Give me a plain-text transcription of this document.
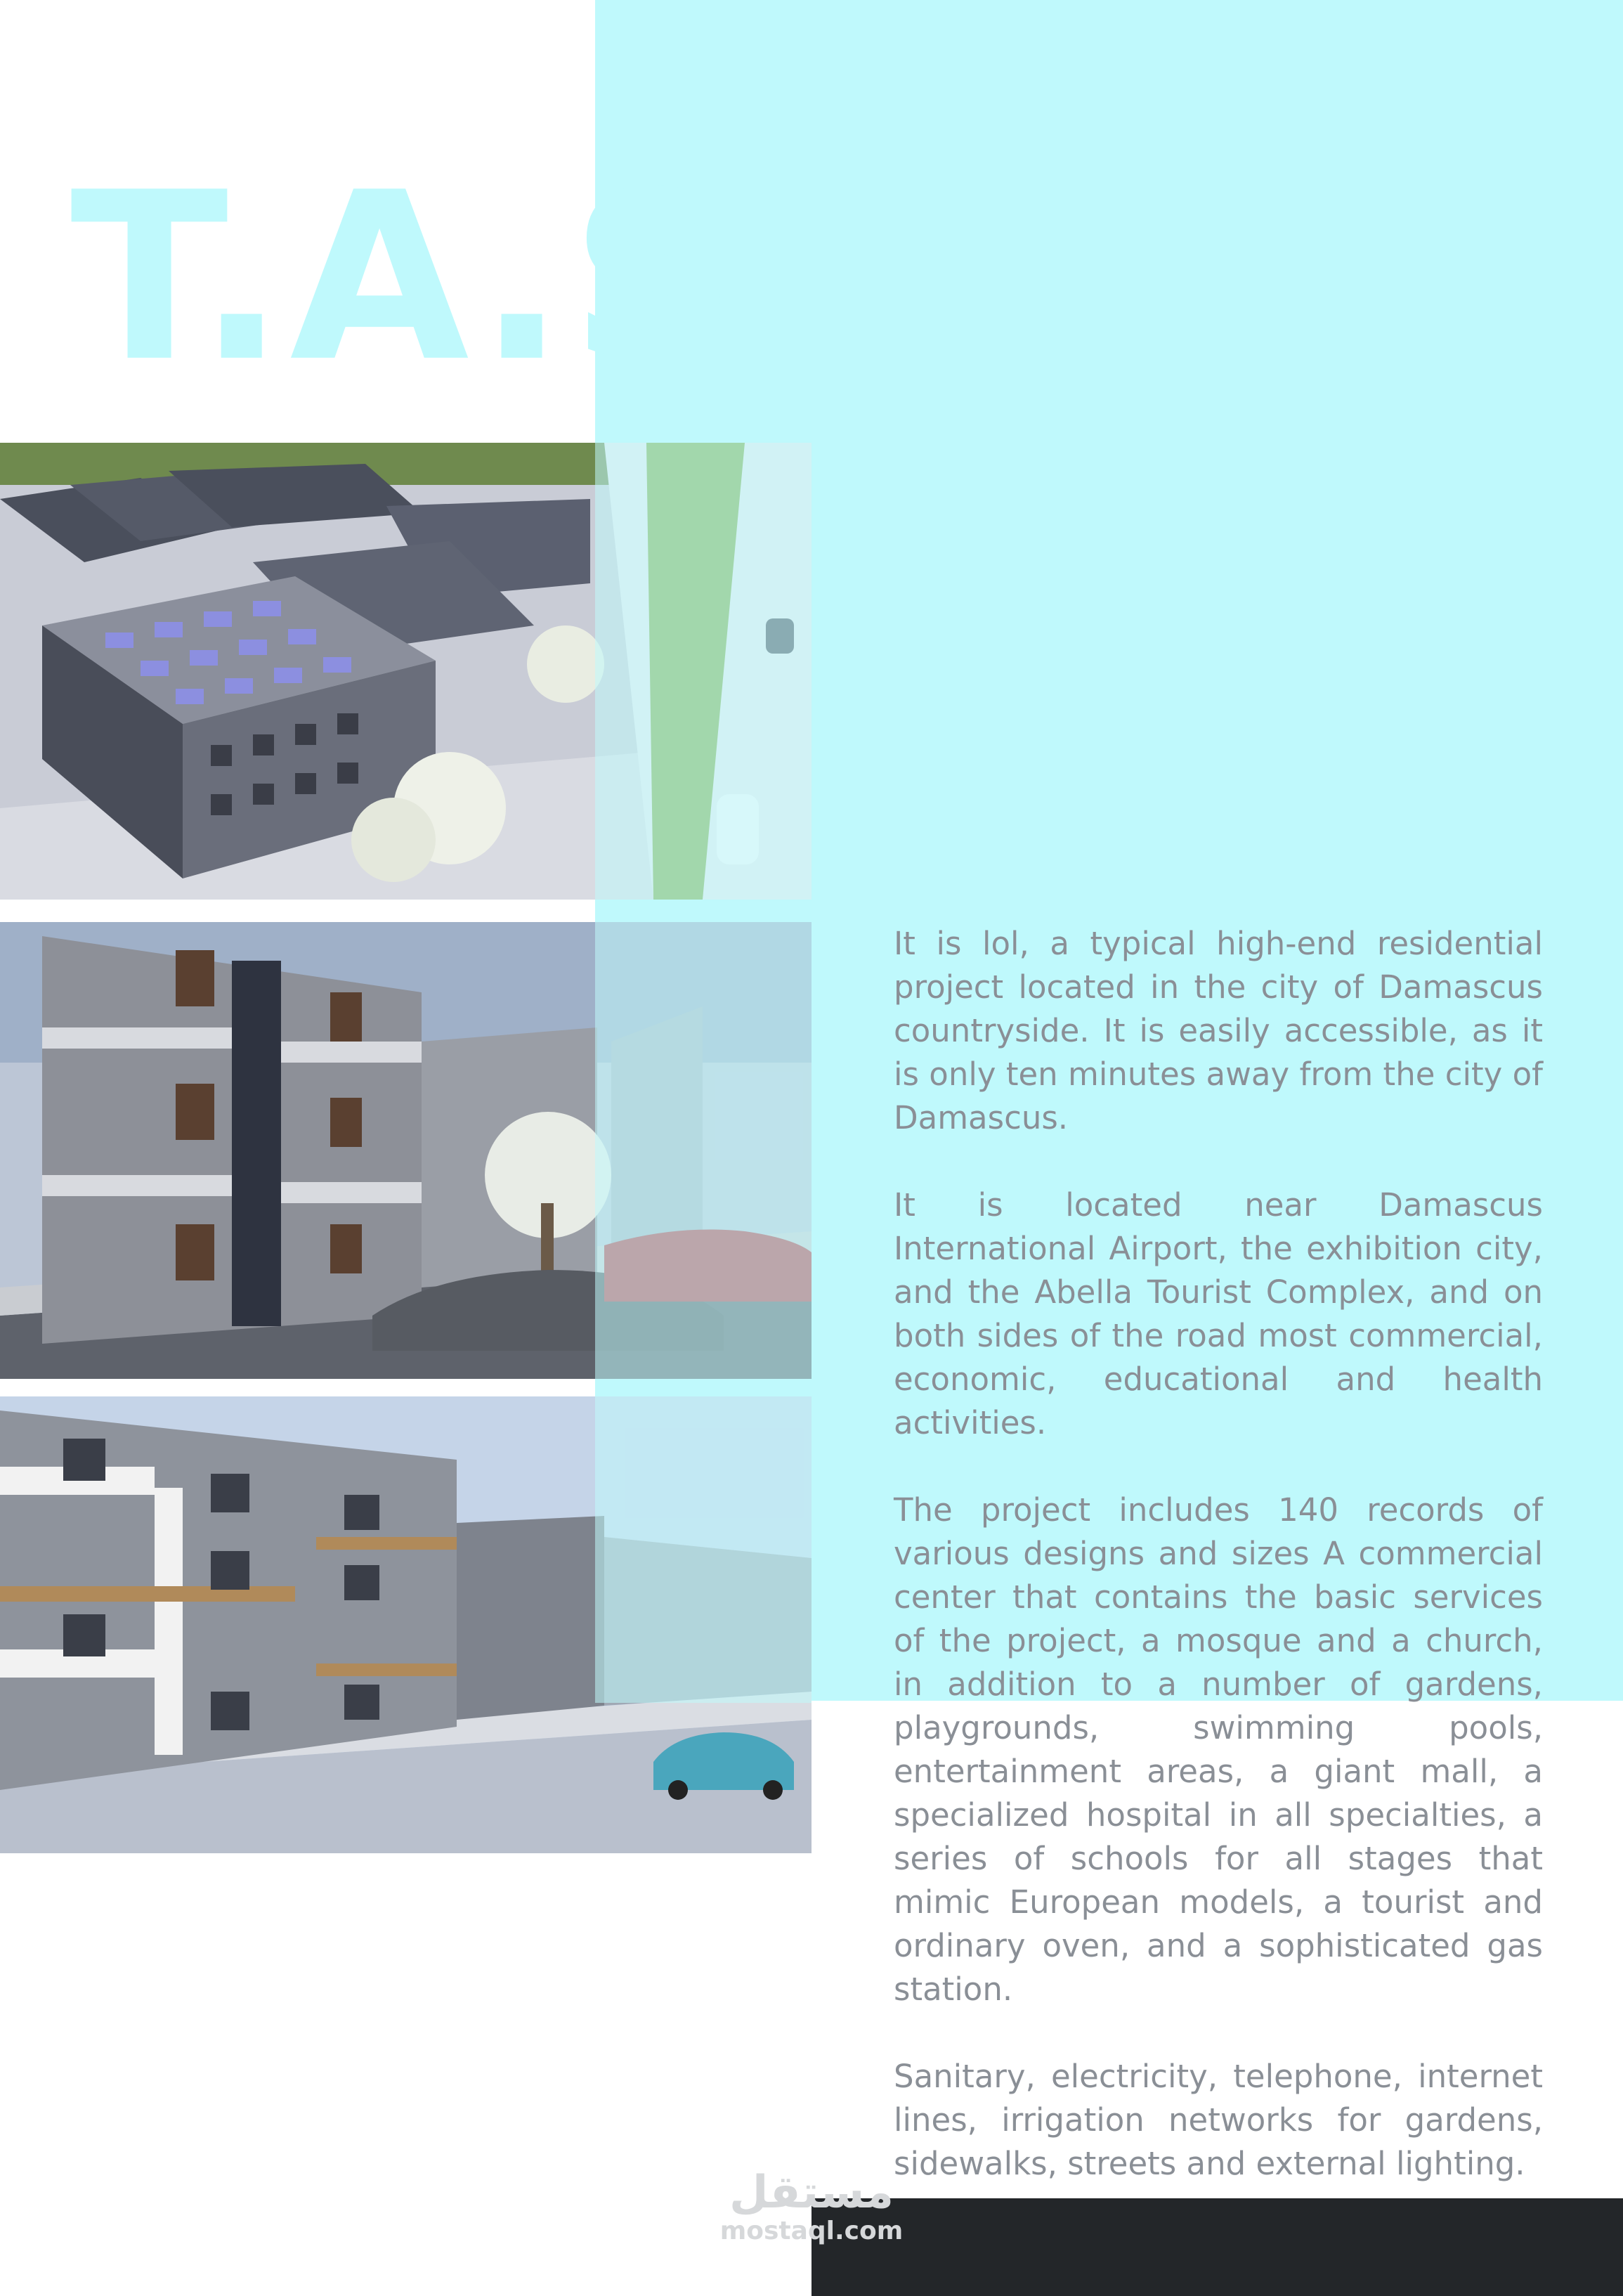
T.A.S

It is lol, a typical high-end residential project located in the city of Damascus countryside. It is easily accessible, as it is only ten minutes away from the city of Damascus.

It is located near Damascus International Airport, the exhibition city, and the Abella Tourist Complex, and on both sides of the road most commercial, economic, educational and health activities.

The project includes 140 records of various designs and sizes A commercial center that contains the basic services of the project, a mosque and a church, in addition to a number of gardens, playgrounds, swimming pools, entertainment areas, a giant mall, a specialized hospital in all specialties, a series of schools for all stages that mimic European models, a tourist and ordinary oven, and a sophisticated gas station.

Sanitary, electricity, telephone, internet lines, irrigation networks for gardens, sidewalks, streets and external lighting.

مستقل
mostaql.com
